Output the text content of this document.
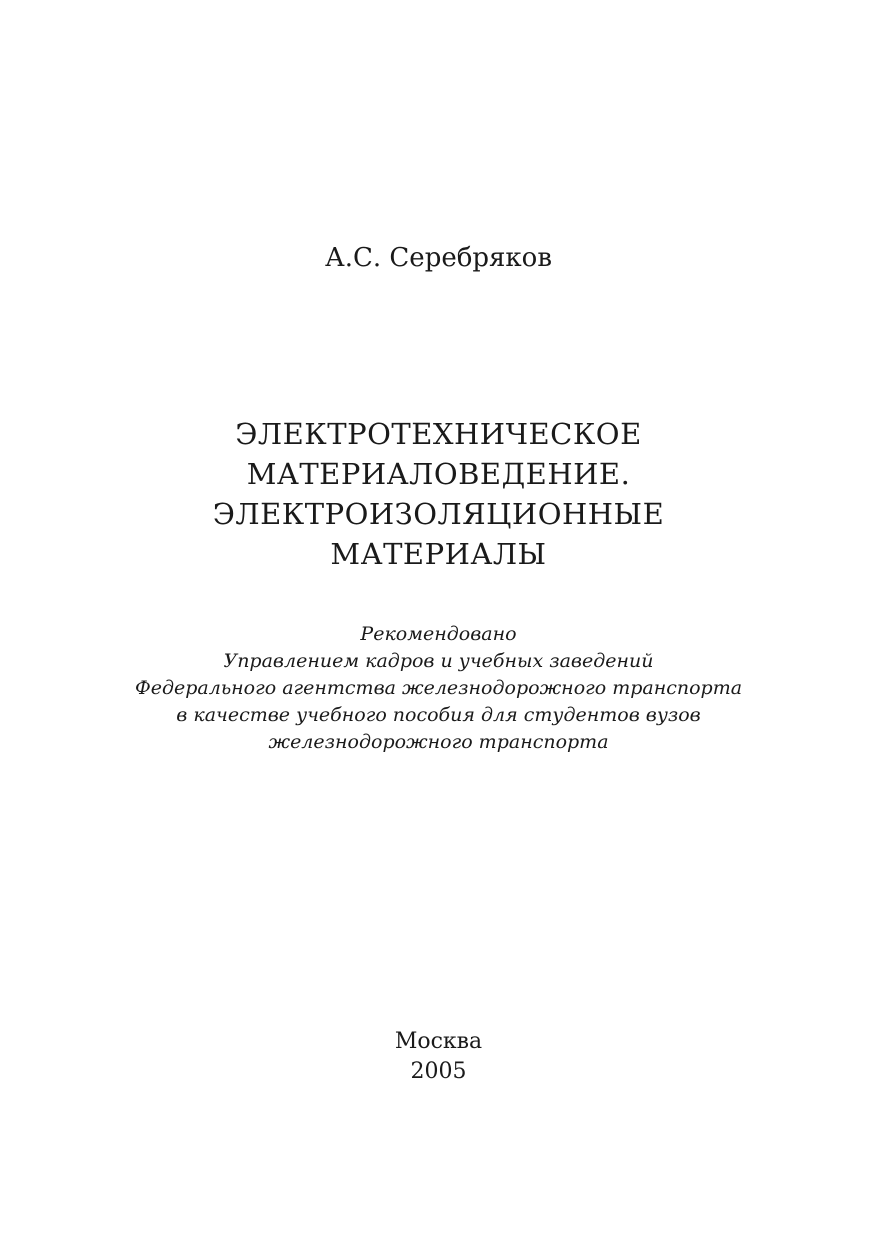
А.С. Серебряков
ЭЛЕКТРОТЕХНИЧЕСКОЕ
МАТЕРИАЛОВЕДЕНИЕ.
ЭЛЕКТРОИЗОЛЯЦИОННЫЕ
МАТЕРИАЛЫ
Рекомендовано
Управлением кадров и учебных заведений
Федерального агентства железнодорожного транспорта
в качестве учебного пособия для студентов вузов
железнодорожного транспорта
Москва
2005
